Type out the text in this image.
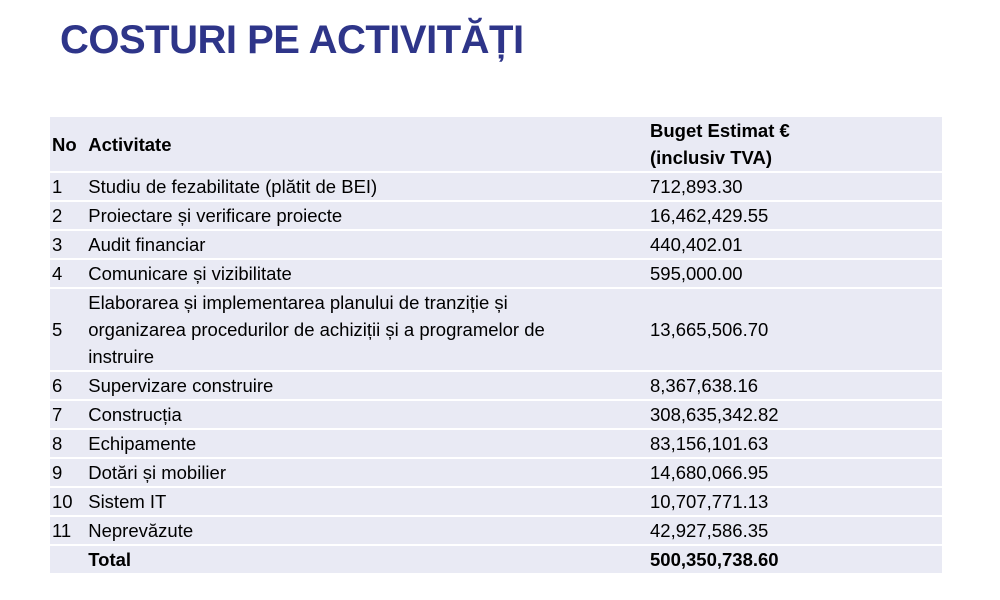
COSTURI PE ACTIVITĂȚI
No	Activitate	Buget Estimat €
(inclusiv TVA)

1	Studiu de fezabilitate (plătit de BEI)	712,893.30
2	Proiectare și verificare proiecte	16,462,429.55
3	Audit financiar	440,402.01
4	Comunicare și vizibilitate	595,000.00
5	Elaborarea și implementarea planului de tranziție și
organizarea procedurilor de achiziții și a programelor de
instruire	13,665,506.70
6	Supervizare construire	8,367,638.16
7	Construcția	308,635,342.82
8	Echipamente	83,156,101.63
9	Dotări și mobilier	14,680,066.95
10	Sistem IT	10,707,771.13
11	Neprevăzute	42,927,586.35
	Total	500,350,738.60
